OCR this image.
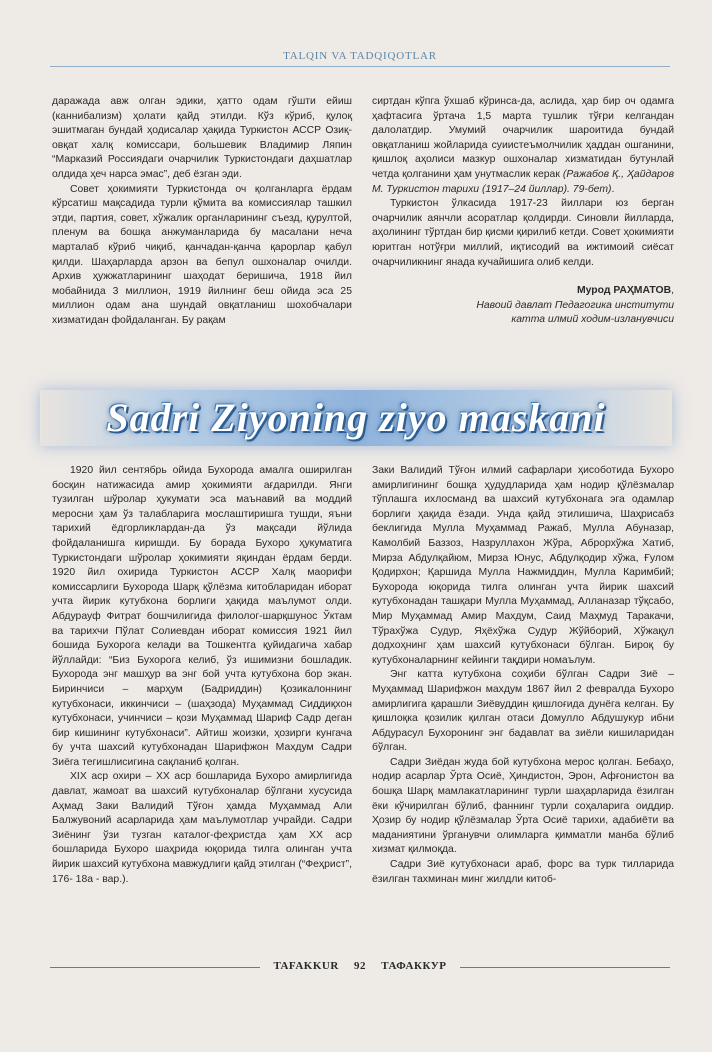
TALQIN VA TADQIQOTLAR

даражада авж олган эдики, ҳатто одам гўшти ейиш (каннибализм) ҳолати қайд этилди. Кўз кўриб, қулоқ эшитмаган бундай ҳодисалар ҳақида Туркистон АССР Озиқ-овқат халқ комиссари, большевик Владимир Ляпин “Марказий Россиядаги очарчилик Туркистондаги даҳшатлар олдида ҳеч нарса эмас”, деб ёзган эди.

Совет ҳокимияти Туркистонда оч қолганларга ёрдам кўрсатиш мақсадида турли қўмита ва комиссиялар ташкил этди, партия, совет, хўжалик органларининг съезд, қурултой, пленум ва бошқа анжуманларида бу масалани неча марталаб кўриб чиқиб, қанчадан-қанча қарорлар қабул қилди. Шаҳарларда арзон ва бепул ошхоналар очилди. Архив ҳужжатларининг шаҳодат беришича, 1918 йил мобайнида 3 миллион, 1919 йилнинг беш ойида эса 25 миллион одам ана шундай овқатланиш шохобчалари хизматидан фойдаланган. Бу рақам

сиртдан кўпга ўхшаб кўринса-да, аслида, ҳар бир оч одамга ҳафтасига ўртача 1,5 марта тушлик тўғри келгандан далолатдир. Умумий очарчилик шароитида бундай овқатланиш жойларида суиистеъмолчилик ҳаддан ошганини, қишлоқ аҳолиси мазкур ошхоналар хизматидан бутунлай четда қолганини ҳам унутмаслик керак (Ражабов Қ., Ҳайдаров М. Туркистон тарихи (1917–24 йиллар). 79-бет).

Туркистон ўлкасида 1917-23 йиллари юз берган очарчилик аянчли асоратлар қолдирди. Синовли йилларда, аҳолининг тўртдан бир қисми қирилиб кетди. Совет ҳокимияти юритган нотўғри миллий, иқтисодий ва ижтимоий сиёсат очарчиликнинг янада кучайишига олиб келди.

Мурод РАҲМАТОВ,
Навоий давлат Педагогика институти
катта илмий ходим-изланувчиси
Sadri Ziyoning ziyo maskani

1920 йил сентябрь ойида Бухорода амалга оширилган босқин натижасида амир ҳокимияти ағдарилди. Янги тузилган шўролар ҳукумати эса маънавий ва моддий меросни ҳам ўз талабларига мослаштиришга тушди, яъни тарихий ёдгорликлардан-да ўз мақсади йўлида фойдаланишга киришди. Бу борада Бухоро ҳукуматига Туркистондаги шўролар ҳокимияти яқиндан ёрдам берди. 1920 йил охирида Туркистон АССР Халқ маорифи комиссарлиги Бухорода Шарқ қўлёзма китобларидан иборат учта йирик кутубхона борлиги ҳақида маълумот олди. Абдурауф Фитрат бошчилигида филолог-шарқшунос Ўктам ва тарихчи Пўлат Солиевдан иборат комиссия 1921 йил бошида Бухорога келади ва Тошкентга қуйидагича хабар йўллайди: “Биз Бухорога келиб, ўз ишимизни бошладик. Бухорода энг машҳур ва энг бой учта кутубхона бор экан. Биринчиси – марҳум (Бадриддин) Қозикалоннинг кутубхонаси, иккинчиси – (шаҳзода) Муҳаммад Сиддиқхон кутубхонаси, учинчиси – қози Муҳаммад Шариф Садр деган бир кишининг кутубхонаси”. Айтиш жоизки, ҳозирги кунгача бу учта шахсий кутубхонадан Шарифжон Махдум Садри Зиёга тегишлисигина сақланиб қолган.

XIX аср охири – XX аср бошларида Бухоро амирлигида давлат, жамоат ва шахсий кутубхоналар бўлгани хусусида Аҳмад Заки Валидий Тўғон ҳамда Муҳаммад Али Балжувоний асарларида ҳам маълумотлар учрайди. Садри Зиёнинг ўзи тузган каталог-феҳристда ҳам XX аср бошларида Бухоро шаҳрида юқорида тилга олинган учта йирик шахсий кутубхона мавжудлиги қайд этилган (“Феҳрист”, 176- 18а - вар.).

Заки Валидий Тўғон илмий сафарлари ҳисоботида Бухоро амирлигининг бошқа ҳудудларида ҳам нодир қўлёзмалар тўплашга ихлосманд ва шахсий кутубхонага эга одамлар борлиги ҳақида ёзади. Унда қайд этилишича, Шаҳрисабз беклигида Мулла Муҳаммад Ражаб, Мулла Абуназар, Камолбий Баззоз, Назруллахон Жўра, Аброрхўжа Хатиб, Мирза Абдулқайюм, Мирза Юнус, Абдулқодир хўжа, Ғулом Қодирхон; Қаршида Мулла Нажмиддин, Мулла Каримбий; Бухорода юқорида тилга олинган учта йирик шахсий кутубхонадан ташқари Мулла Муҳаммад, Алланазар тўқсабо, Мир Муҳаммад Амир Махдум, Саид Маҳмуд Таракачи, Тўрахўжа Судур, Яҳёхўжа Судур Жўйборий, Хўжақул додхоҳнинг ҳам шахсий кутубхонаси бўлган. Бироқ бу кутубхоналарнинг кейинги тақдири номаълум.

Энг катта кутубхона соҳиби бўлган Садри Зиё – Муҳаммад Шарифжон махдум 1867 йил 2 февралда Бухоро амирлигига қарашли Зиёвуддин қишлоғида дунёга келган. Бу қишлоқка қозилик қилган отаси Домулло Абдушукур ибни Абдурасул Бухоронинг энг бадавлат ва зиёли кишиларидан бўлган.

Садри Зиёдан жуда бой кутубхона мерос қолган. Бебаҳо, нодир асарлар Ўрта Осиё, Ҳиндистон, Эрон, Афғонистон ва бошқа Шарқ мамлакатларининг турли шаҳарларида ёзилган ёки кўчирилган бўлиб, фаннинг турли соҳаларига оиддир. Ҳозир бу нодир қўлёзмалар Ўрта Осиё тарихи, адабиёти ва маданиятини ўрганувчи олимларга қимматли манба бўлиб хизмат қилмоқда.

Садри Зиё кутубхонаси араб, форс ва турк тилларида ёзилган тахминан минг жилдли китоб-

TAFAKKUR 92 ТАФАККУР
